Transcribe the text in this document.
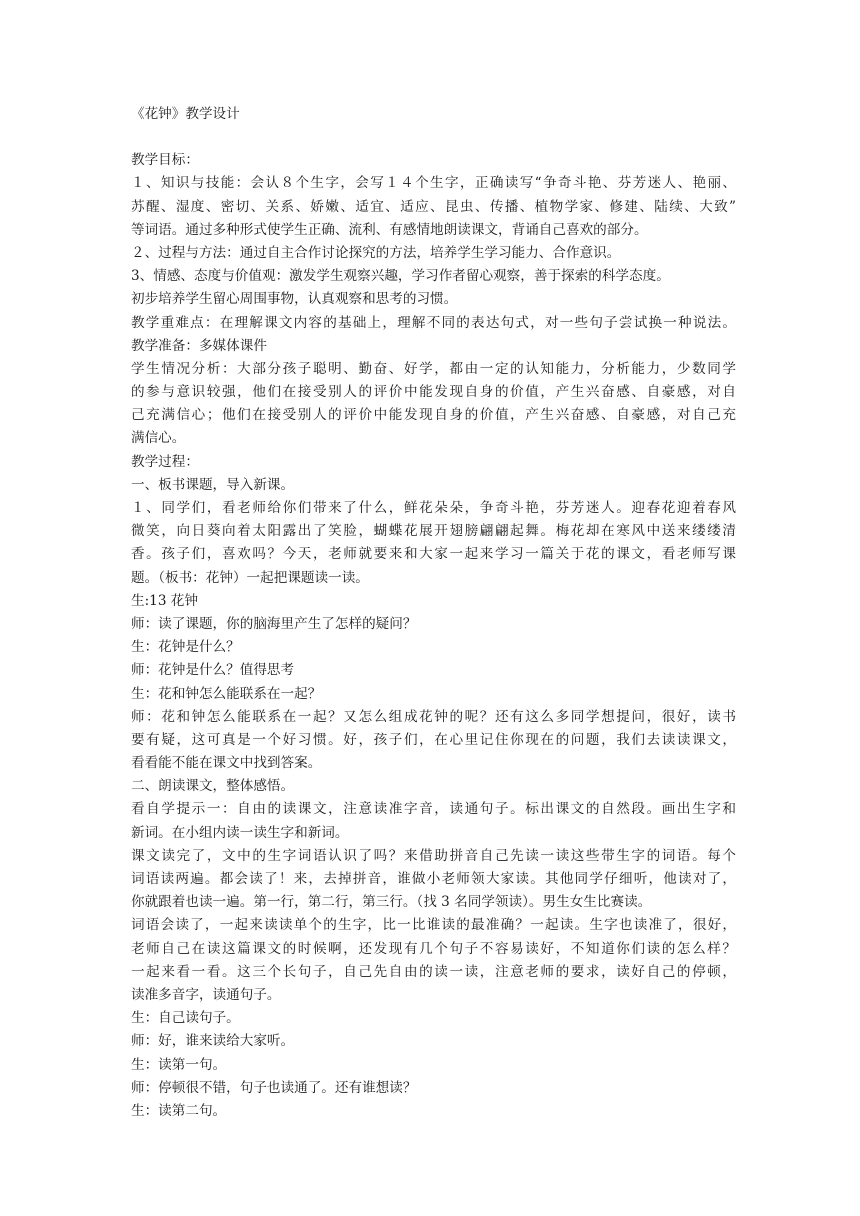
《花钟》教学设计

教学目标：

１、知识与技能：会认８个生字，会写１４个生字，正确读写“争奇斗艳、芬芳迷人、艳丽、

苏醒、湿度、密切、关系、娇嫩、适宜、适应、昆虫、传播、植物学家、修建、陆续、大致”

等词语。通过多种形式使学生正确、流利、有感情地朗读课文，背诵自己喜欢的部分。

２、过程与方法：通过自主合作讨论探究的方法，培养学生学习能力、合作意识。

3、情感、态度与价值观：激发学生观察兴趣，学习作者留心观察，善于探索的科学态度。

初步培养学生留心周围事物，认真观察和思考的习惯。

教学重难点：在理解课文内容的基础上，理解不同的表达句式，对一些句子尝试换一种说法。

教学准备：多媒体课件

学生情况分析：大部分孩子聪明、勤奋、好学，都由一定的认知能力，分析能力，少数同学

的参与意识较强，他们在接受别人的评价中能发现自身的价值，产生兴奋感、自豪感，对自

己充满信心；他们在接受别人的评价中能发现自身的价值，产生兴奋感、自豪感，对自己充

满信心。

教学过程：

一、板书课题，导入新课。

１、同学们，看老师给你们带来了什么，鲜花朵朵，争奇斗艳，芬芳迷人。迎春花迎着春风

微笑，向日葵向着太阳露出了笑脸，蝴蝶花展开翅膀翩翩起舞。梅花却在寒风中送来缕缕清

香。孩子们，喜欢吗？今天，老师就要来和大家一起来学习一篇关于花的课文，看老师写课

题。（板书：花钟）一起把课题读一读。

生:13 花钟

师：读了课题，你的脑海里产生了怎样的疑问？

生：花钟是什么？

师：花钟是什么？值得思考

生：花和钟怎么能联系在一起？

师：花和钟怎么能联系在一起？又怎么组成花钟的呢？还有这么多同学想提问，很好，读书

要有疑，这可真是一个好习惯。好，孩子们，在心里记住你现在的问题，我们去读读课文，

看看能不能在课文中找到答案。

二、朗读课文，整体感悟。

看自学提示一：自由的读课文，注意读准字音，读通句子。标出课文的自然段。画出生字和

新词。在小组内读一读生字和新词。

课文读完了，文中的生字词语认识了吗？来借助拼音自己先读一读这些带生字的词语。每个

词语读两遍。都会读了！来，去掉拼音，谁做小老师领大家读。其他同学仔细听，他读对了，

你就跟着也读一遍。第一行，第二行，第三行。（找 3 名同学领读）。男生女生比赛读。

词语会读了，一起来读读单个的生字，比一比谁读的最准确？一起读。生字也读准了，很好，

老师自己在读这篇课文的时候啊，还发现有几个句子不容易读好，不知道你们读的怎么样？

一起来看一看。这三个长句子，自己先自由的读一读，注意老师的要求，读好自己的停顿，

读准多音字，读通句子。

生：自己读句子。

师：好，谁来读给大家听。

生：读第一句。

师：停顿很不错，句子也读通了。还有谁想读？

生：读第二句。
